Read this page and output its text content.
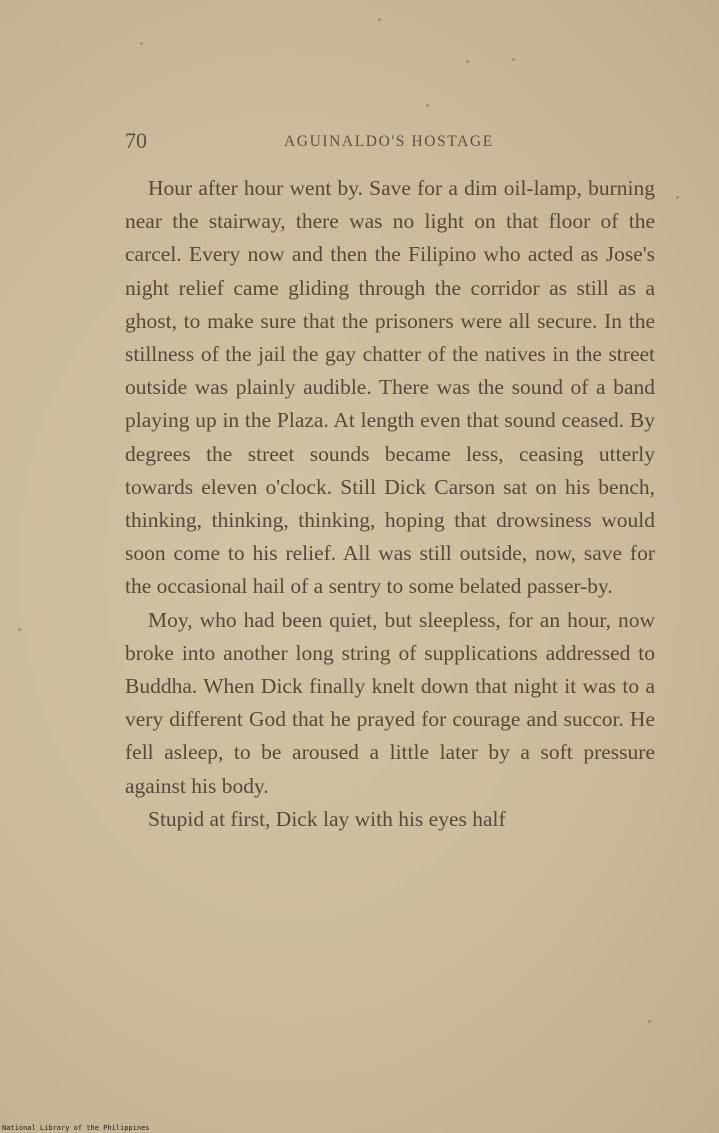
70	AGUINALDO'S HOSTAGE

Hour after hour went by. Save for a dim oil-lamp, burning near the stairway, there was no light on that floor of the carcel. Every now and then the Filipino who acted as Jose's night relief came gliding through the corridor as still as a ghost, to make sure that the prisoners were all secure. In the stillness of the jail the gay chatter of the natives in the street outside was plainly audible. There was the sound of a band playing up in the Plaza. At length even that sound ceased. By degrees the street sounds became less, ceasing utterly towards eleven o'clock. Still Dick Carson sat on his bench, thinking, thinking, thinking, hoping that drowsiness would soon come to his relief. All was still outside, now, save for the occasional hail of a sentry to some belated passer-by.

Moy, who had been quiet, but sleepless, for an hour, now broke into another long string of supplications addressed to Buddha. When Dick finally knelt down that night it was to a very different God that he prayed for courage and succor. He fell asleep, to be aroused a little later by a soft pressure against his body.

Stupid at first, Dick lay with his eyes half

National Library of the Philippines
